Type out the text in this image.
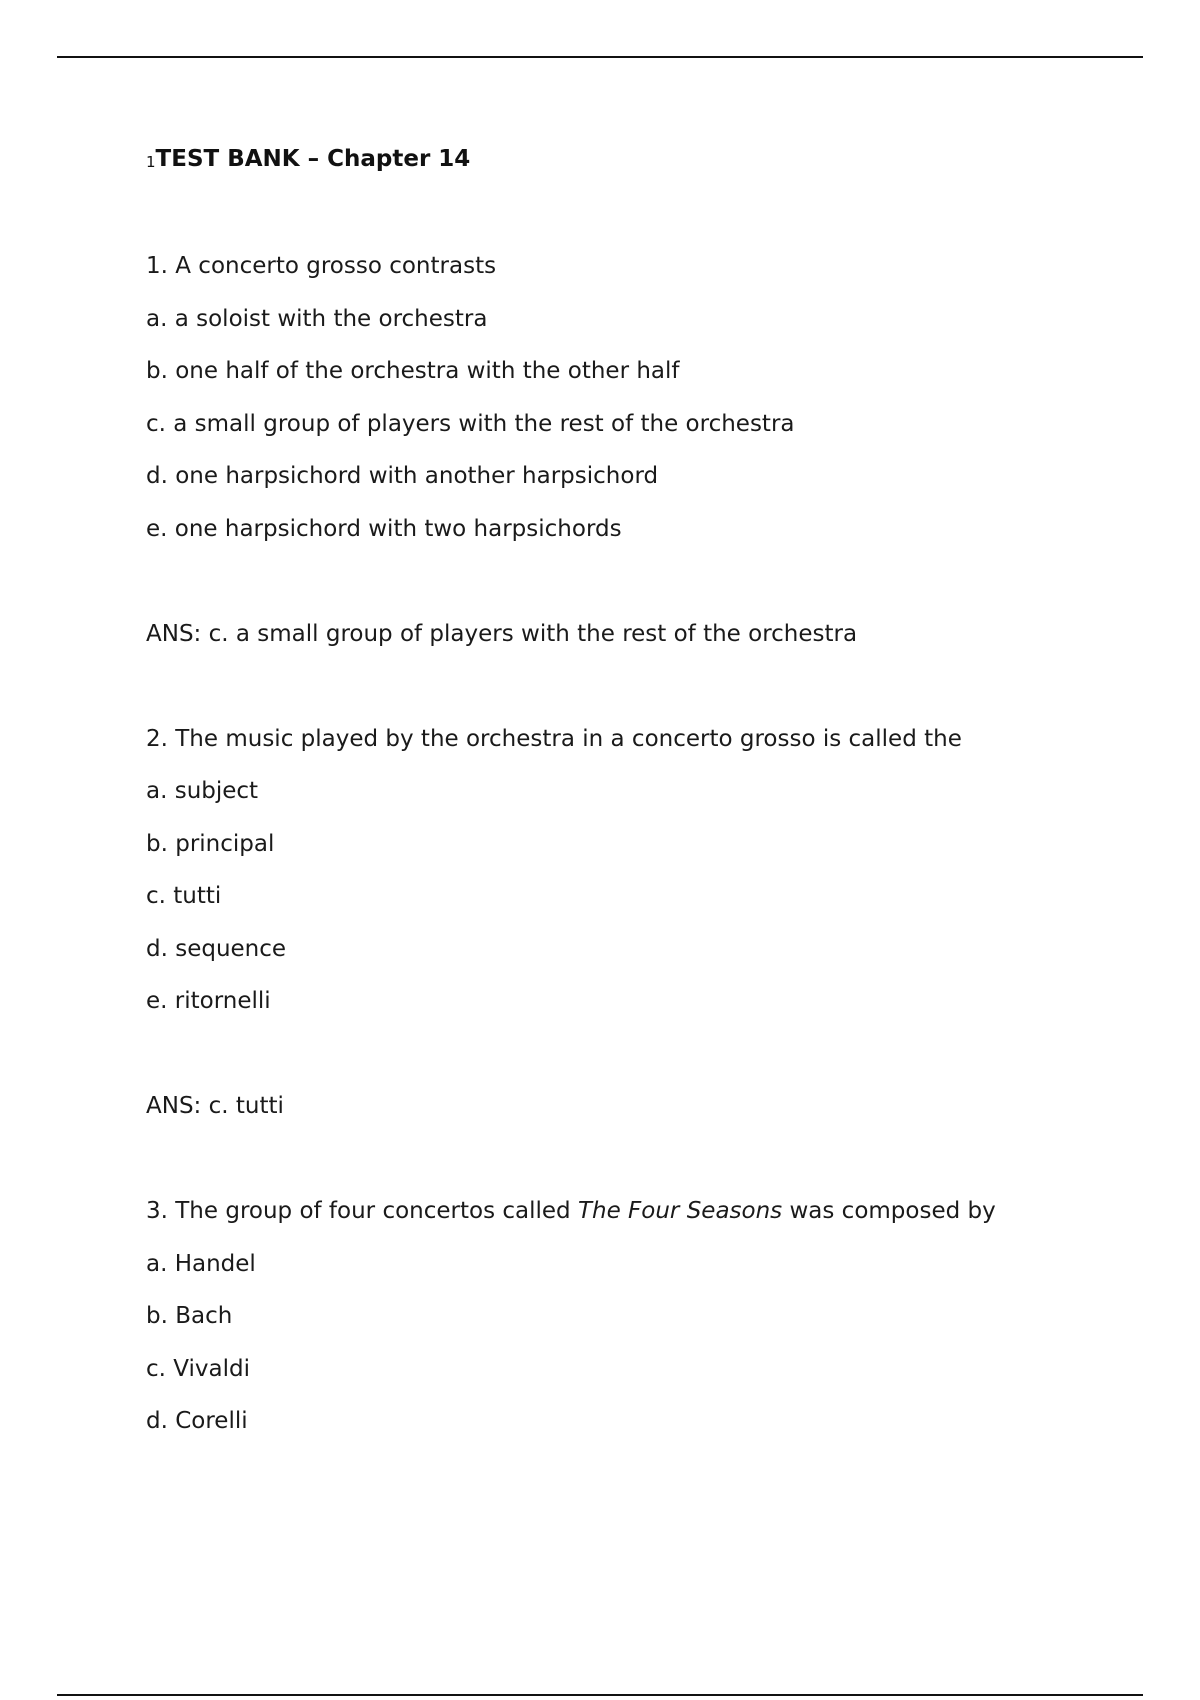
1TEST BANK – Chapter 14

1. A concerto grosso contrasts

a. a soloist with the orchestra

b. one half of the orchestra with the other half

c. a small group of players with the rest of the orchestra

d. one harpsichord with another harpsichord

e. one harpsichord with two harpsichords

ANS: c. a small group of players with the rest of the orchestra

2. The music played by the orchestra in a concerto grosso is called the

a. subject

b. principal

c. tutti

d. sequence

e. ritornelli

ANS: c. tutti

3. The group of four concertos called The Four Seasons was composed by

a. Handel

b. Bach

c. Vivaldi

d. Corelli
